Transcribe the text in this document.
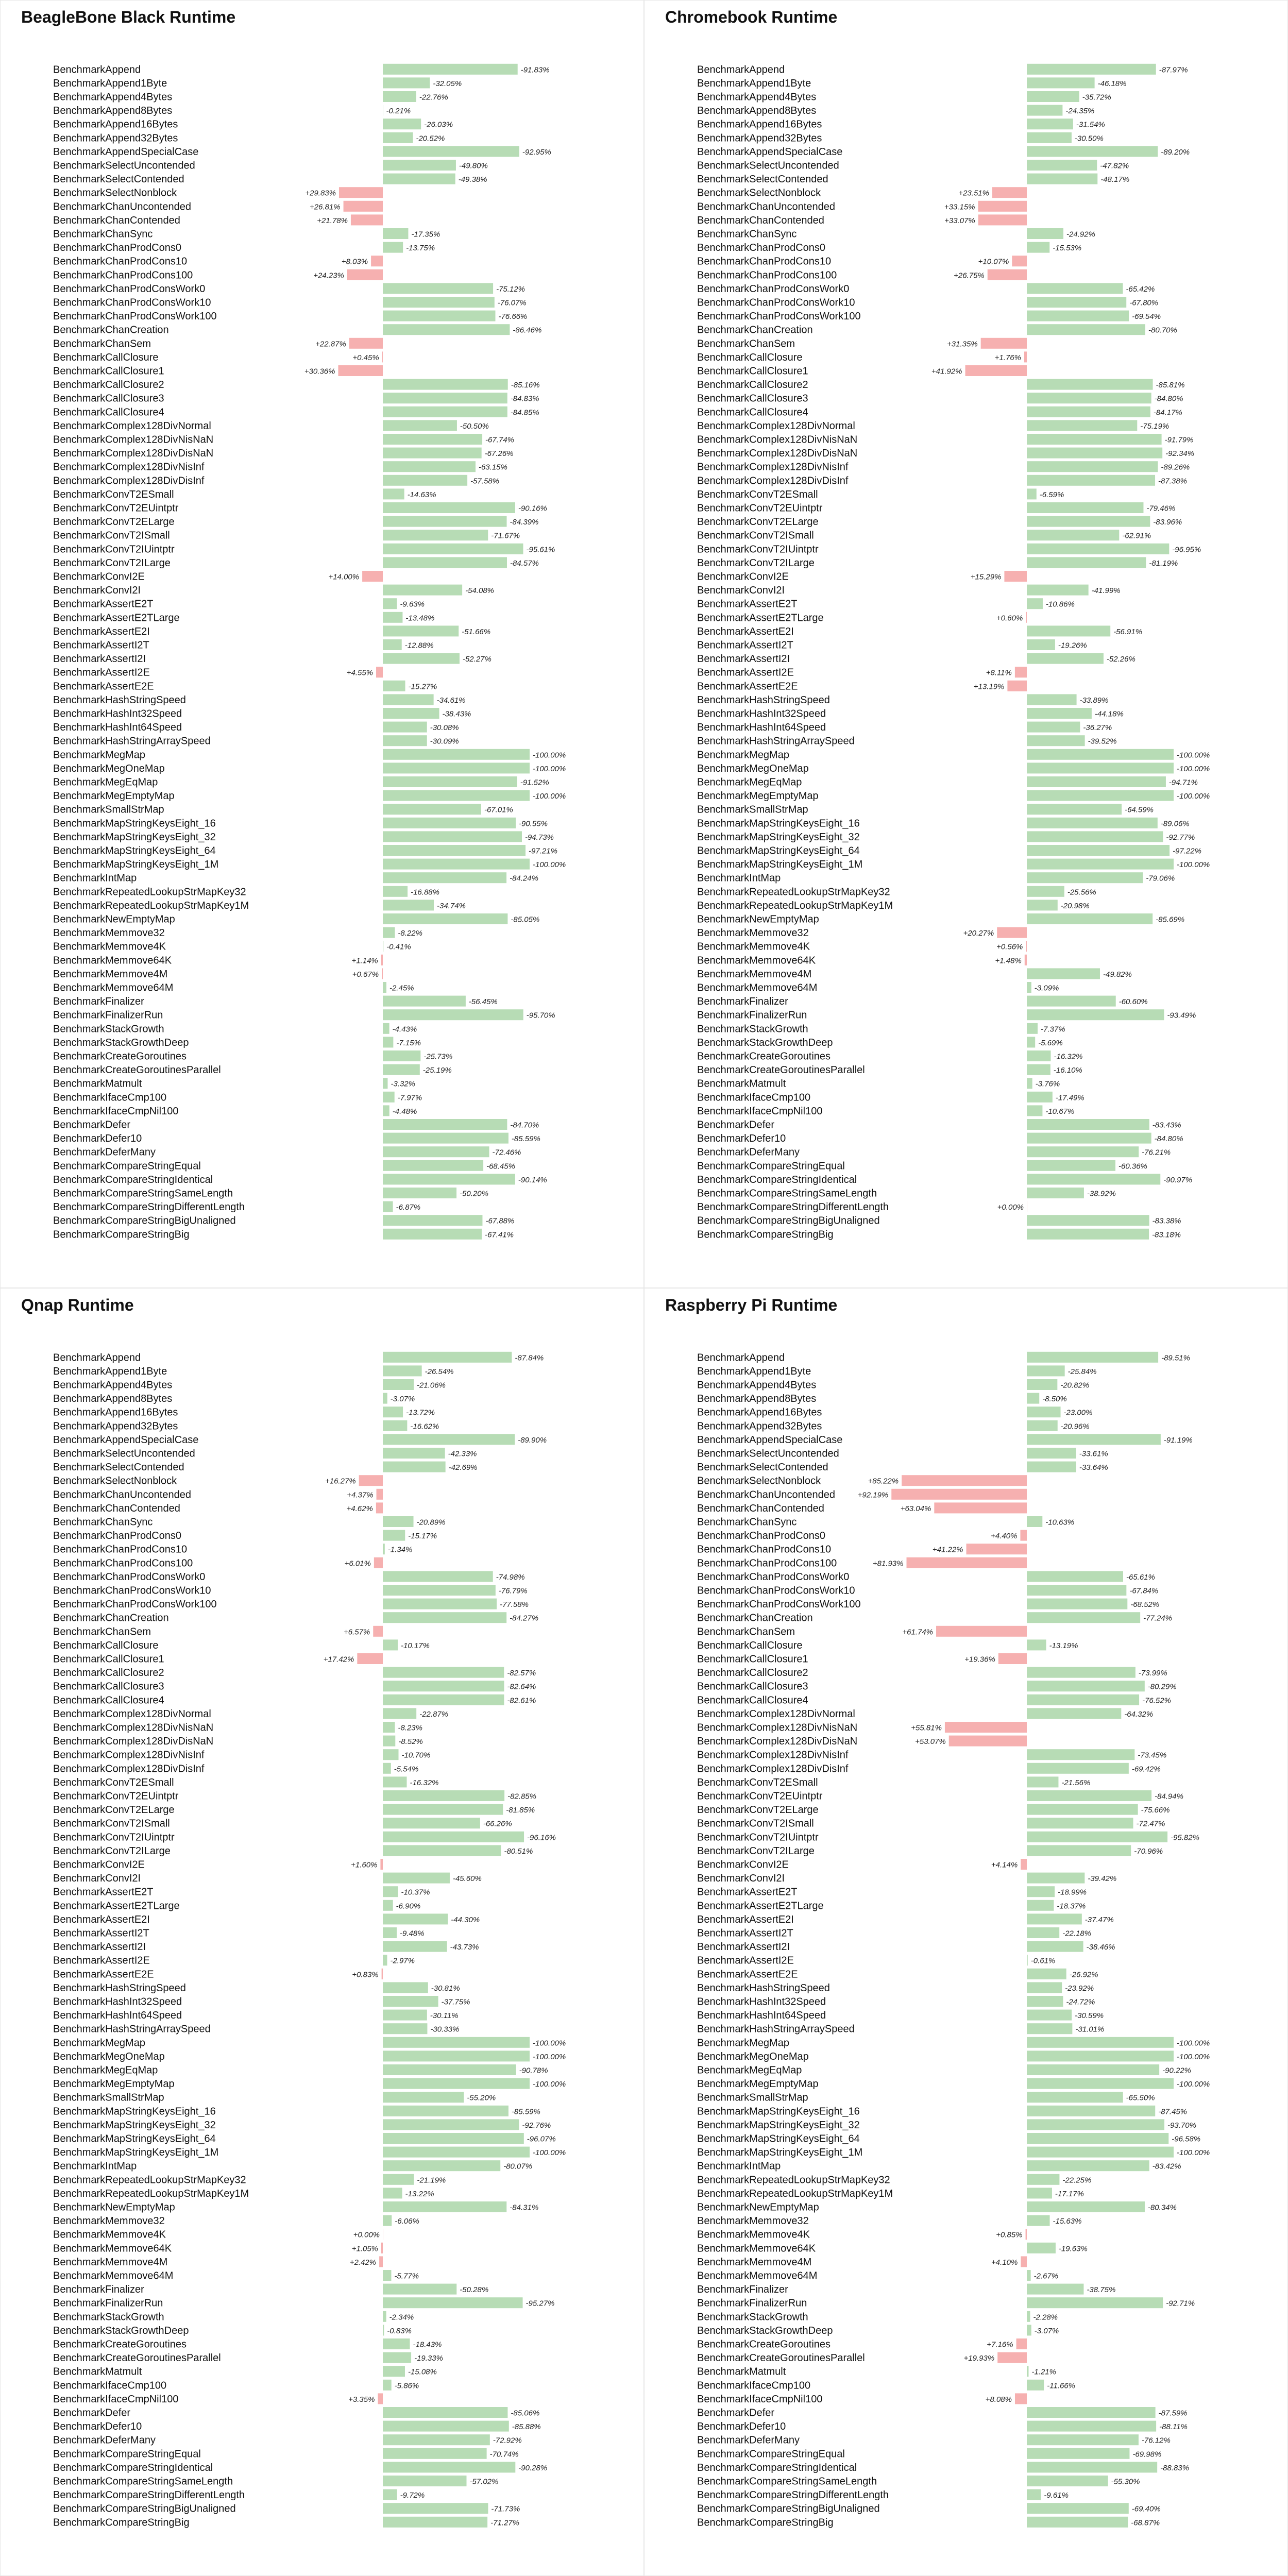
BeagleBone Black Runtime
BenchmarkAppend	-91.83%
BenchmarkAppend1Byte	-32.05%
BenchmarkAppend4Bytes	-22.76%
BenchmarkAppend8Bytes	-0.21%
BenchmarkAppend16Bytes	-26.03%
BenchmarkAppend32Bytes	-20.52%
BenchmarkAppendSpecialCase	-92.95%
BenchmarkSelectUncontended	-49.80%
BenchmarkSelectContended	-49.38%
BenchmarkSelectNonblock	+29.83%
BenchmarkChanUncontended	+26.81%
BenchmarkChanContended	+21.78%
BenchmarkChanSync	-17.35%
BenchmarkChanProdCons0	-13.75%
BenchmarkChanProdCons10	+8.03%
BenchmarkChanProdCons100	+24.23%
BenchmarkChanProdConsWork0	-75.12%
BenchmarkChanProdConsWork10	-76.07%
BenchmarkChanProdConsWork100	-76.66%
BenchmarkChanCreation	-86.46%
BenchmarkChanSem	+22.87%
BenchmarkCallClosure	+0.45%
BenchmarkCallClosure1	+30.36%
BenchmarkCallClosure2	-85.16%
BenchmarkCallClosure3	-84.83%
BenchmarkCallClosure4	-84.85%
BenchmarkComplex128DivNormal	-50.50%
BenchmarkComplex128DivNisNaN	-67.74%
BenchmarkComplex128DivDisNaN	-67.26%
BenchmarkComplex128DivNisInf	-63.15%
BenchmarkComplex128DivDisInf	-57.58%
BenchmarkConvT2ESmall	-14.63%
BenchmarkConvT2EUintptr	-90.16%
BenchmarkConvT2ELarge	-84.39%
BenchmarkConvT2ISmall	-71.67%
BenchmarkConvT2IUintptr	-95.61%
BenchmarkConvT2ILarge	-84.57%
BenchmarkConvI2E	+14.00%
BenchmarkConvI2I	-54.08%
BenchmarkAssertE2T	-9.63%
BenchmarkAssertE2TLarge	-13.48%
BenchmarkAssertE2I	-51.66%
BenchmarkAssertI2T	-12.88%
BenchmarkAssertI2I	-52.27%
BenchmarkAssertI2E	+4.55%
BenchmarkAssertE2E	-15.27%
BenchmarkHashStringSpeed	-34.61%
BenchmarkHashInt32Speed	-38.43%
BenchmarkHashInt64Speed	-30.08%
BenchmarkHashStringArraySpeed	-30.09%
BenchmarkMegMap	-100.00%
BenchmarkMegOneMap	-100.00%
BenchmarkMegEqMap	-91.52%
BenchmarkMegEmptyMap	-100.00%
BenchmarkSmallStrMap	-67.01%
BenchmarkMapStringKeysEight_16	-90.55%
BenchmarkMapStringKeysEight_32	-94.73%
BenchmarkMapStringKeysEight_64	-97.21%
BenchmarkMapStringKeysEight_1M	-100.00%
BenchmarkIntMap	-84.24%
BenchmarkRepeatedLookupStrMapKey32	-16.88%
BenchmarkRepeatedLookupStrMapKey1M	-34.74%
BenchmarkNewEmptyMap	-85.05%
BenchmarkMemmove32	-8.22%
BenchmarkMemmove4K	-0.41%
BenchmarkMemmove64K	+1.14%
BenchmarkMemmove4M	+0.67%
BenchmarkMemmove64M	-2.45%
BenchmarkFinalizer	-56.45%
BenchmarkFinalizerRun	-95.70%
BenchmarkStackGrowth	-4.43%
BenchmarkStackGrowthDeep	-7.15%
BenchmarkCreateGoroutines	-25.73%
BenchmarkCreateGoroutinesParallel	-25.19%
BenchmarkMatmult	-3.32%
BenchmarkIfaceCmp100	-7.97%
BenchmarkIfaceCmpNil100	-4.48%
BenchmarkDefer	-84.70%
BenchmarkDefer10	-85.59%
BenchmarkDeferMany	-72.46%
BenchmarkCompareStringEqual	-68.45%
BenchmarkCompareStringIdentical	-90.14%
BenchmarkCompareStringSameLength	-50.20%
BenchmarkCompareStringDifferentLength	-6.87%
BenchmarkCompareStringBigUnaligned	-67.88%
BenchmarkCompareStringBig	-67.41%
Chromebook Runtime
BenchmarkAppend	-87.97%
BenchmarkAppend1Byte	-46.18%
BenchmarkAppend4Bytes	-35.72%
BenchmarkAppend8Bytes	-24.35%
BenchmarkAppend16Bytes	-31.54%
BenchmarkAppend32Bytes	-30.50%
BenchmarkAppendSpecialCase	-89.20%
BenchmarkSelectUncontended	-47.82%
BenchmarkSelectContended	-48.17%
BenchmarkSelectNonblock	+23.51%
BenchmarkChanUncontended	+33.15%
BenchmarkChanContended	+33.07%
BenchmarkChanSync	-24.92%
BenchmarkChanProdCons0	-15.53%
BenchmarkChanProdCons10	+10.07%
BenchmarkChanProdCons100	+26.75%
BenchmarkChanProdConsWork0	-65.42%
BenchmarkChanProdConsWork10	-67.80%
BenchmarkChanProdConsWork100	-69.54%
BenchmarkChanCreation	-80.70%
BenchmarkChanSem	+31.35%
BenchmarkCallClosure	+1.76%
BenchmarkCallClosure1	+41.92%
BenchmarkCallClosure2	-85.81%
BenchmarkCallClosure3	-84.80%
BenchmarkCallClosure4	-84.17%
BenchmarkComplex128DivNormal	-75.19%
BenchmarkComplex128DivNisNaN	-91.79%
BenchmarkComplex128DivDisNaN	-92.34%
BenchmarkComplex128DivNisInf	-89.26%
BenchmarkComplex128DivDisInf	-87.38%
BenchmarkConvT2ESmall	-6.59%
BenchmarkConvT2EUintptr	-79.46%
BenchmarkConvT2ELarge	-83.96%
BenchmarkConvT2ISmall	-62.91%
BenchmarkConvT2IUintptr	-96.95%
BenchmarkConvT2ILarge	-81.19%
BenchmarkConvI2E	+15.29%
BenchmarkConvI2I	-41.99%
BenchmarkAssertE2T	-10.86%
BenchmarkAssertE2TLarge	+0.60%
BenchmarkAssertE2I	-56.91%
BenchmarkAssertI2T	-19.26%
BenchmarkAssertI2I	-52.26%
BenchmarkAssertI2E	+8.11%
BenchmarkAssertE2E	+13.19%
BenchmarkHashStringSpeed	-33.89%
BenchmarkHashInt32Speed	-44.18%
BenchmarkHashInt64Speed	-36.27%
BenchmarkHashStringArraySpeed	-39.52%
BenchmarkMegMap	-100.00%
BenchmarkMegOneMap	-100.00%
BenchmarkMegEqMap	-94.71%
BenchmarkMegEmptyMap	-100.00%
BenchmarkSmallStrMap	-64.59%
BenchmarkMapStringKeysEight_16	-89.06%
BenchmarkMapStringKeysEight_32	-92.77%
BenchmarkMapStringKeysEight_64	-97.22%
BenchmarkMapStringKeysEight_1M	-100.00%
BenchmarkIntMap	-79.06%
BenchmarkRepeatedLookupStrMapKey32	-25.56%
BenchmarkRepeatedLookupStrMapKey1M	-20.98%
BenchmarkNewEmptyMap	-85.69%
BenchmarkMemmove32	+20.27%
BenchmarkMemmove4K	+0.56%
BenchmarkMemmove64K	+1.48%
BenchmarkMemmove4M	-49.82%
BenchmarkMemmove64M	-3.09%
BenchmarkFinalizer	-60.60%
BenchmarkFinalizerRun	-93.49%
BenchmarkStackGrowth	-7.37%
BenchmarkStackGrowthDeep	-5.69%
BenchmarkCreateGoroutines	-16.32%
BenchmarkCreateGoroutinesParallel	-16.10%
BenchmarkMatmult	-3.76%
BenchmarkIfaceCmp100	-17.49%
BenchmarkIfaceCmpNil100	-10.67%
BenchmarkDefer	-83.43%
BenchmarkDefer10	-84.80%
BenchmarkDeferMany	-76.21%
BenchmarkCompareStringEqual	-60.36%
BenchmarkCompareStringIdentical	-90.97%
BenchmarkCompareStringSameLength	-38.92%
BenchmarkCompareStringDifferentLength	+0.00%
BenchmarkCompareStringBigUnaligned	-83.38%
BenchmarkCompareStringBig	-83.18%
Qnap Runtime
BenchmarkAppend	-87.84%
BenchmarkAppend1Byte	-26.54%
BenchmarkAppend4Bytes	-21.06%
BenchmarkAppend8Bytes	-3.07%
BenchmarkAppend16Bytes	-13.72%
BenchmarkAppend32Bytes	-16.62%
BenchmarkAppendSpecialCase	-89.90%
BenchmarkSelectUncontended	-42.33%
BenchmarkSelectContended	-42.69%
BenchmarkSelectNonblock	+16.27%
BenchmarkChanUncontended	+4.37%
BenchmarkChanContended	+4.62%
BenchmarkChanSync	-20.89%
BenchmarkChanProdCons0	-15.17%
BenchmarkChanProdCons10	-1.34%
BenchmarkChanProdCons100	+6.01%
BenchmarkChanProdConsWork0	-74.98%
BenchmarkChanProdConsWork10	-76.79%
BenchmarkChanProdConsWork100	-77.58%
BenchmarkChanCreation	-84.27%
BenchmarkChanSem	+6.57%
BenchmarkCallClosure	-10.17%
BenchmarkCallClosure1	+17.42%
BenchmarkCallClosure2	-82.57%
BenchmarkCallClosure3	-82.64%
BenchmarkCallClosure4	-82.61%
BenchmarkComplex128DivNormal	-22.87%
BenchmarkComplex128DivNisNaN	-8.23%
BenchmarkComplex128DivDisNaN	-8.52%
BenchmarkComplex128DivNisInf	-10.70%
BenchmarkComplex128DivDisInf	-5.54%
BenchmarkConvT2ESmall	-16.32%
BenchmarkConvT2EUintptr	-82.85%
BenchmarkConvT2ELarge	-81.85%
BenchmarkConvT2ISmall	-66.26%
BenchmarkConvT2IUintptr	-96.16%
BenchmarkConvT2ILarge	-80.51%
BenchmarkConvI2E	+1.60%
BenchmarkConvI2I	-45.60%
BenchmarkAssertE2T	-10.37%
BenchmarkAssertE2TLarge	-6.90%
BenchmarkAssertE2I	-44.30%
BenchmarkAssertI2T	-9.48%
BenchmarkAssertI2I	-43.73%
BenchmarkAssertI2E	-2.97%
BenchmarkAssertE2E	+0.83%
BenchmarkHashStringSpeed	-30.81%
BenchmarkHashInt32Speed	-37.75%
BenchmarkHashInt64Speed	-30.11%
BenchmarkHashStringArraySpeed	-30.33%
BenchmarkMegMap	-100.00%
BenchmarkMegOneMap	-100.00%
BenchmarkMegEqMap	-90.78%
BenchmarkMegEmptyMap	-100.00%
BenchmarkSmallStrMap	-55.20%
BenchmarkMapStringKeysEight_16	-85.59%
BenchmarkMapStringKeysEight_32	-92.76%
BenchmarkMapStringKeysEight_64	-96.07%
BenchmarkMapStringKeysEight_1M	-100.00%
BenchmarkIntMap	-80.07%
BenchmarkRepeatedLookupStrMapKey32	-21.19%
BenchmarkRepeatedLookupStrMapKey1M	-13.22%
BenchmarkNewEmptyMap	-84.31%
BenchmarkMemmove32	-6.06%
BenchmarkMemmove4K	+0.00%
BenchmarkMemmove64K	+1.05%
BenchmarkMemmove4M	+2.42%
BenchmarkMemmove64M	-5.77%
BenchmarkFinalizer	-50.28%
BenchmarkFinalizerRun	-95.27%
BenchmarkStackGrowth	-2.34%
BenchmarkStackGrowthDeep	-0.83%
BenchmarkCreateGoroutines	-18.43%
BenchmarkCreateGoroutinesParallel	-19.33%
BenchmarkMatmult	-15.08%
BenchmarkIfaceCmp100	-5.86%
BenchmarkIfaceCmpNil100	+3.35%
BenchmarkDefer	-85.06%
BenchmarkDefer10	-85.88%
BenchmarkDeferMany	-72.92%
BenchmarkCompareStringEqual	-70.74%
BenchmarkCompareStringIdentical	-90.28%
BenchmarkCompareStringSameLength	-57.02%
BenchmarkCompareStringDifferentLength	-9.72%
BenchmarkCompareStringBigUnaligned	-71.73%
BenchmarkCompareStringBig	-71.27%
Raspberry Pi Runtime
BenchmarkAppend	-89.51%
BenchmarkAppend1Byte	-25.84%
BenchmarkAppend4Bytes	-20.82%
BenchmarkAppend8Bytes	-8.50%
BenchmarkAppend16Bytes	-23.00%
BenchmarkAppend32Bytes	-20.96%
BenchmarkAppendSpecialCase	-91.19%
BenchmarkSelectUncontended	-33.61%
BenchmarkSelectContended	-33.64%
BenchmarkSelectNonblock	+85.22%
BenchmarkChanUncontended	+92.19%
BenchmarkChanContended	+63.04%
BenchmarkChanSync	-10.63%
BenchmarkChanProdCons0	+4.40%
BenchmarkChanProdCons10	+41.22%
BenchmarkChanProdCons100	+81.93%
BenchmarkChanProdConsWork0	-65.61%
BenchmarkChanProdConsWork10	-67.84%
BenchmarkChanProdConsWork100	-68.52%
BenchmarkChanCreation	-77.24%
BenchmarkChanSem	+61.74%
BenchmarkCallClosure	-13.19%
BenchmarkCallClosure1	+19.36%
BenchmarkCallClosure2	-73.99%
BenchmarkCallClosure3	-80.29%
BenchmarkCallClosure4	-76.52%
BenchmarkComplex128DivNormal	-64.32%
BenchmarkComplex128DivNisNaN	+55.81%
BenchmarkComplex128DivDisNaN	+53.07%
BenchmarkComplex128DivNisInf	-73.45%
BenchmarkComplex128DivDisInf	-69.42%
BenchmarkConvT2ESmall	-21.56%
BenchmarkConvT2EUintptr	-84.94%
BenchmarkConvT2ELarge	-75.66%
BenchmarkConvT2ISmall	-72.47%
BenchmarkConvT2IUintptr	-95.82%
BenchmarkConvT2ILarge	-70.96%
BenchmarkConvI2E	+4.14%
BenchmarkConvI2I	-39.42%
BenchmarkAssertE2T	-18.99%
BenchmarkAssertE2TLarge	-18.37%
BenchmarkAssertE2I	-37.47%
BenchmarkAssertI2T	-22.18%
BenchmarkAssertI2I	-38.46%
BenchmarkAssertI2E	-0.61%
BenchmarkAssertE2E	-26.92%
BenchmarkHashStringSpeed	-23.92%
BenchmarkHashInt32Speed	-24.72%
BenchmarkHashInt64Speed	-30.59%
BenchmarkHashStringArraySpeed	-31.01%
BenchmarkMegMap	-100.00%
BenchmarkMegOneMap	-100.00%
BenchmarkMegEqMap	-90.22%
BenchmarkMegEmptyMap	-100.00%
BenchmarkSmallStrMap	-65.50%
BenchmarkMapStringKeysEight_16	-87.45%
BenchmarkMapStringKeysEight_32	-93.70%
BenchmarkMapStringKeysEight_64	-96.58%
BenchmarkMapStringKeysEight_1M	-100.00%
BenchmarkIntMap	-83.42%
BenchmarkRepeatedLookupStrMapKey32	-22.25%
BenchmarkRepeatedLookupStrMapKey1M	-17.17%
BenchmarkNewEmptyMap	-80.34%
BenchmarkMemmove32	-15.63%
BenchmarkMemmove4K	+0.85%
BenchmarkMemmove64K	-19.63%
BenchmarkMemmove4M	+4.10%
BenchmarkMemmove64M	-2.67%
BenchmarkFinalizer	-38.75%
BenchmarkFinalizerRun	-92.71%
BenchmarkStackGrowth	-2.28%
BenchmarkStackGrowthDeep	-3.07%
BenchmarkCreateGoroutines	+7.16%
BenchmarkCreateGoroutinesParallel	+19.93%
BenchmarkMatmult	-1.21%
BenchmarkIfaceCmp100	-11.66%
BenchmarkIfaceCmpNil100	+8.08%
BenchmarkDefer	-87.59%
BenchmarkDefer10	-88.11%
BenchmarkDeferMany	-76.12%
BenchmarkCompareStringEqual	-69.98%
BenchmarkCompareStringIdentical	-88.83%
BenchmarkCompareStringSameLength	-55.30%
BenchmarkCompareStringDifferentLength	-9.61%
BenchmarkCompareStringBigUnaligned	-69.40%
BenchmarkCompareStringBig	-68.87%
